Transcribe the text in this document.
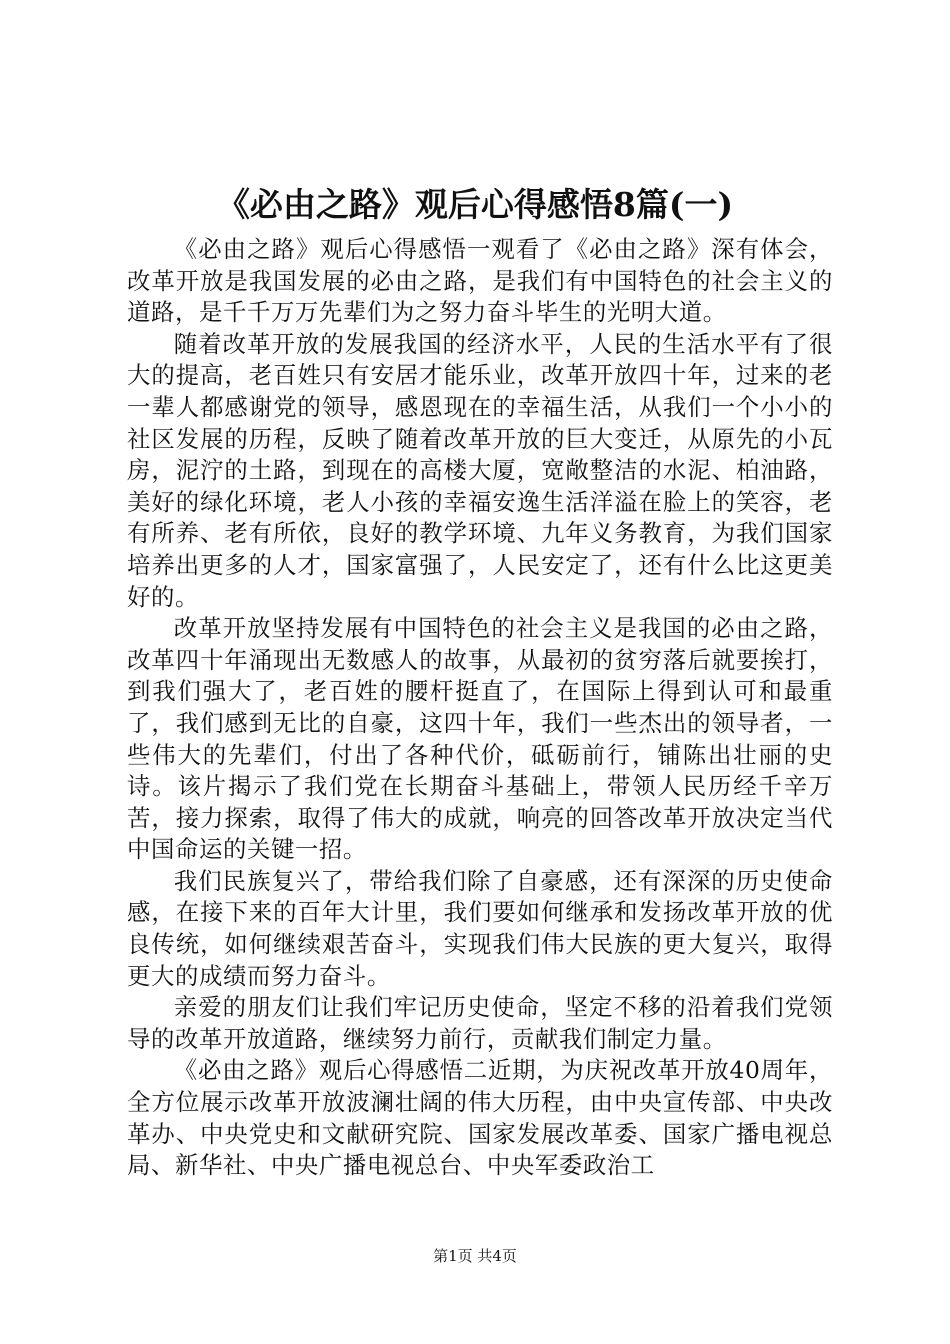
《必由之路》观后心得感悟8篇(一)

《必由之路》观后心得感悟一观看了《必由之路》深有体会，改革开放是我国发展的必由之路，是我们有中国特色的社会主义的道路，是千千万万先辈们为之努力奋斗毕生的光明大道。

随着改革开放的发展我国的经济水平，人民的生活水平有了很大的提高，老百姓只有安居才能乐业，改革开放四十年，过来的老一辈人都感谢党的领导，感恩现在的幸福生活，从我们一个小小的社区发展的历程，反映了随着改革开放的巨大变迁，从原先的小瓦房，泥泞的土路，到现在的高楼大厦，宽敞整洁的水泥、柏油路，美好的绿化环境，老人小孩的幸福安逸生活洋溢在脸上的笑容，老有所养、老有所依，良好的教学环境、九年义务教育，为我们国家培养出更多的人才，国家富强了，人民安定了，还有什么比这更美好的。

改革开放坚持发展有中国特色的社会主义是我国的必由之路，改革四十年涌现出无数感人的故事，从最初的贫穷落后就要挨打，到我们强大了，老百姓的腰杆挺直了，在国际上得到认可和最重了，我们感到无比的自豪，这四十年，我们一些杰出的领导者，一些伟大的先辈们，付出了各种代价，砥砺前行，铺陈出壮丽的史诗。该片揭示了我们党在长期奋斗基础上，带领人民历经千辛万苦，接力探索，取得了伟大的成就，响亮的回答改革开放决定当代中国命运的关键一招。

我们民族复兴了，带给我们除了自豪感，还有深深的历史使命感，在接下来的百年大计里，我们要如何继承和发扬改革开放的优良传统，如何继续艰苦奋斗，实现我们伟大民族的更大复兴，取得更大的成绩而努力奋斗。

亲爱的朋友们让我们牢记历史使命，坚定不移的沿着我们党领导的改革开放道路，继续努力前行，贡献我们制定力量。

《必由之路》观后心得感悟二近期，为庆祝改革开放40周年，全方位展示改革开放波澜壮阔的伟大历程，由中央宣传部、中央改革办、中央党史和文献研究院、国家发展改革委、国家广播电视总局、新华社、中央广播电视总台、中央军委政治工

第1页 共4页
